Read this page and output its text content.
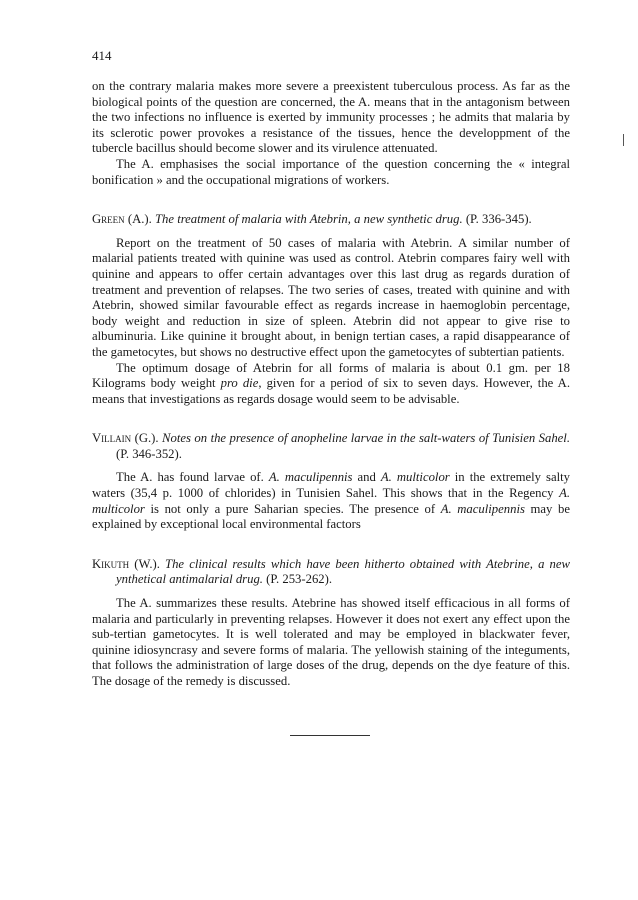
414

on the contrary malaria makes more severe a preexistent tuberculous process. As far as the biological points of the question are concerned, the A. means that in the antagonism between the two infections no influence is exerted by immunity processes ; he admits that malaria by its sclerotic power provokes a resistance of the tissues, hence the developpment of the tubercle bacillus should become slower and its virulence attenuated.

The A. emphasises the social importance of the question concerning the « integral bonification » and the occupational migrations of workers.

Green (A.). The treatment of malaria with Atebrin, a new synthetic drug. (P. 336-345).

Report on the treatment of 50 cases of malaria with Atebrin. A similar number of malarial patients treated with quinine was used as control. Atebrin compares fairy well with quinine and appears to offer certain advantages over this last drug as regards duration of treatment and prevention of relapses. The two series of cases, treated with quinine and with Atebrin, showed similar favourable effect as regards increase in haemoglobin percentage, body weight and reduction in size of spleen. Atebrin did not appear to give rise to albuminuria. Like quinine it brought about, in benign tertian cases, a rapid disappearance of the gametocytes, but shows no destructive effect upon the gametocytes of subtertian patients.

The optimum dosage of Atebrin for all forms of malaria is about 0.1 gm. per 18 Kilograms body weight pro die, given for a period of six to seven days. However, the A. means that investigations as regards dosage would seem to be advisable.

Villain (G.). Notes on the presence of anopheline larvae in the salt-waters of Tunisien Sahel. (P. 346-352).

The A. has found larvae of. A. maculipennis and A. multicolor in the extremely salty waters (35,4 p. 1000 of chlorides) in Tunisien Sahel. This shows that in the Regency A. multicolor is not only a pure Saharian species. The presence of A. maculipennis may be explained by exceptional local environmental factors

Kikuth (W.). The clinical results which have been hitherto obtained with Atebrine, a new ynthetical antimalarial drug. (P. 253-262).

The A. summarizes these results. Atebrine has showed itself efficacious in all forms of malaria and particularly in preventing relapses. However it does not exert any effect upon the sub-tertian gametocytes. It is well tolerated and may be employed in blackwater fever, quinine idiosyncrasy and severe forms of malaria. The yellowish staining of the integuments, that follows the administration of large doses of the drug, depends on the dye feature of this. The dosage of the remedy is discussed.
